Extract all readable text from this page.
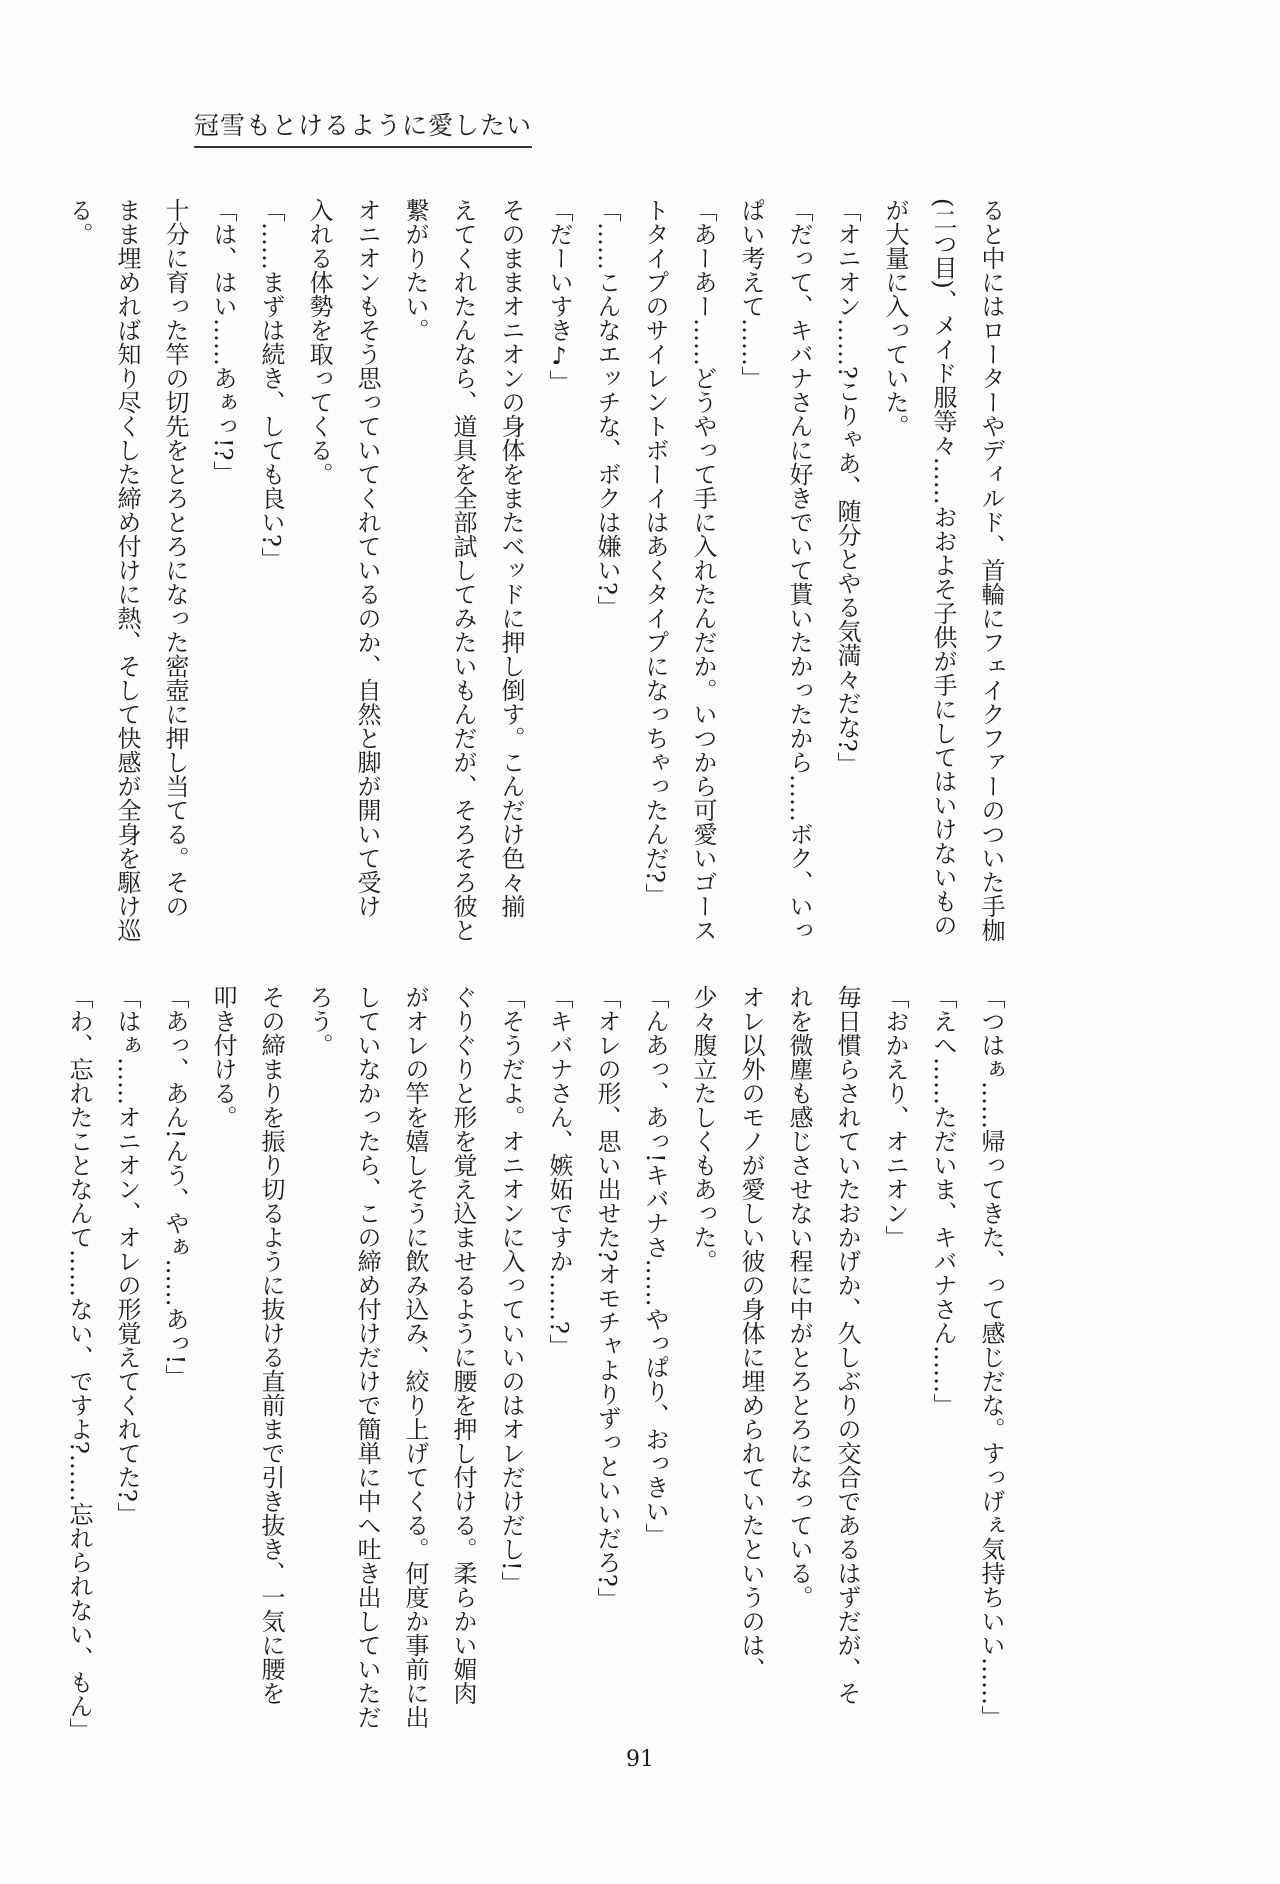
冠雪もとけるように愛したい

ると中にはローターやディルド、首輪にフェイクファーのついた手枷

(二つ目)、メイド服等々……おおよそ子供が手にしてはいけないもの

が大量に入っていた。

「オニオン……?こりゃあ、随分とやる気満々だな?」

「だって、キバナさんに好きでいて貰いたかったから……ボク、いっ

ぱい考えて……」

「あーあー……どうやって手に入れたんだか。いつから可愛いゴース

トタイプのサイレントボーイはあくタイプになっちゃったんだ?」

「……こんなエッチな、ボクは嫌い?」

「だーいすき♪」

そのままオニオンの身体をまたベッドに押し倒す。こんだけ色々揃

えてくれたんなら、道具を全部試してみたいもんだが、そろそろ彼と

繋がりたい。

オニオンもそう思っていてくれているのか、自然と脚が開いて受け

入れる体勢を取ってくる。

「……まずは続き、しても良い?」

「は、はい……あぁっ!?」

十分に育った竿の切先をとろとろになった密壺に押し当てる。その

まま埋めれば知り尽くした締め付けに熱、そして快感が全身を駆け巡

る。

「つはぁ……帰ってきた、って感じだな。すっげぇ気持ちいい……」

「えへ……ただいま、キバナさん……」

「おかえり、オニオン」

毎日慣らされていたおかげか、久しぶりの交合であるはずだが、そ

れを微塵も感じさせない程に中がとろとろになっている。

オレ以外のモノが愛しい彼の身体に埋められていたというのは、

少々腹立たしくもあった。

「んあっ、あっ!キバナさ……やっぱり、おっきい」

「オレの形、思い出せた?オモチャよりずっといいだろ?」

「キバナさん、嫉妬ですか……?」

「そうだよ。オニオンに入っていいのはオレだけだし!」

ぐりぐりと形を覚え込ませるように腰を押し付ける。柔らかい媚肉

がオレの竿を嬉しそうに飲み込み、絞り上げてくる。何度か事前に出

していなかったら、この締め付けだけで簡単に中へ吐き出していただ

ろう。

その締まりを振り切るように抜ける直前まで引き抜き、一気に腰を

叩き付ける。

「あっ、あん!んう、やぁ……あっ!」

「はぁ……オニオン、オレの形覚えてくれてた?」

「わ、忘れたことなんて……ない、ですよ?……忘れられない、もん」

91
